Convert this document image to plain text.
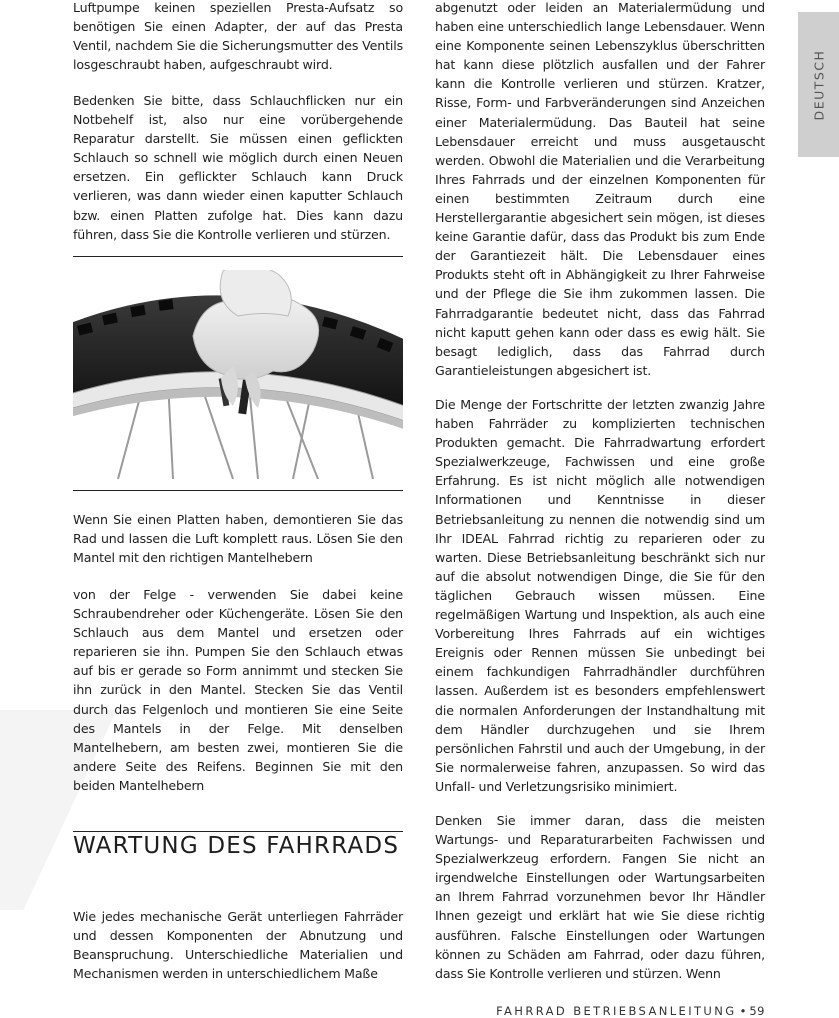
Luftpumpe keinen speziellen Presta-Aufsatz so benötigen Sie einen Adapter, der auf das Presta Ventil, nachdem Sie die Sicherungsmutter des Ventils losgeschraubt haben, aufgeschraubt wird.

Bedenken Sie bitte, dass Schlauchflicken nur ein Notbehelf ist, also nur eine vorübergehende Reparatur darstellt. Sie müssen einen geflickten Schlauch so schnell wie möglich durch einen Neuen ersetzen. Ein geflickter Schlauch kann Druck verlieren, was dann wieder einen kaputter Schlauch bzw. einen Platten zufolge hat. Dies kann dazu führen, dass Sie die Kontrolle verlieren und stürzen.

Wenn Sie einen Platten haben, demontieren Sie das Rad und lassen die Luft komplett raus. Lösen Sie den Mantel mit den richtigen Mantelhebern

von der Felge - verwenden Sie dabei keine Schraubendreher oder Küchengeräte. Lösen Sie den Schlauch aus dem Mantel und ersetzen oder reparieren sie ihn. Pumpen Sie den Schlauch etwas auf bis er gerade so Form annimmt und stecken Sie ihn zurück in den Mantel. Stecken Sie das Ventil durch das Felgenloch und montieren Sie eine Seite des Mantels in der Felge. Mit denselben Mantelhebern, am besten zwei, montieren Sie die andere Seite des Reifens. Beginnen Sie mit den beiden Mantelhebern

WARTUNG DES FAHRRADS

Wie jedes mechanische Gerät unterliegen Fahrräder und dessen Komponenten der Abnutzung und Beanspruchung. Unterschiedliche Materialien und Mechanismen werden in unterschiedlichem Maße

abgenutzt oder leiden an Materialermüdung und haben eine unterschiedlich lange Lebensdauer. Wenn eine Komponente seinen Lebenszyklus überschritten hat kann diese plötzlich ausfallen und der Fahrer kann die Kontrolle verlieren und stürzen. Kratzer, Risse, Form- und Farbveränderungen sind Anzeichen einer Materialermüdung. Das Bauteil hat seine Lebensdauer erreicht und muss ausgetauscht werden. Obwohl die Materialien und die Verarbeitung Ihres Fahrrads und der einzelnen Komponenten für einen bestimmten Zeitraum durch eine Herstellergarantie abgesichert sein mögen, ist dieses keine Garantie dafür, dass das Produkt bis zum Ende der Garantiezeit hält. Die Lebensdauer eines Produkts steht oft in Abhängigkeit zu Ihrer Fahrweise und der Pflege die Sie ihm zukommen lassen. Die Fahrradgarantie bedeutet nicht, dass das Fahrrad nicht kaputt gehen kann oder dass es ewig hält. Sie besagt lediglich, dass das Fahrrad durch Garantieleistungen abgesichert ist.

Die Menge der Fortschritte der letzten zwanzig Jahre haben Fahrräder zu komplizierten technischen Produkten gemacht. Die Fahrradwartung erfordert Spezialwerkzeuge, Fachwissen und eine große Erfahrung. Es ist nicht möglich alle notwendigen Informationen und Kenntnisse in dieser Betriebsanleitung zu nennen die notwendig sind um Ihr IDEAL Fahrrad richtig zu reparieren oder zu warten. Diese Betriebsanleitung beschränkt sich nur auf die absolut notwendigen Dinge, die Sie für den täglichen Gebrauch wissen müssen. Eine regelmäßigen Wartung und Inspektion, als auch eine Vorbereitung Ihres Fahrrads auf ein wichtiges Ereignis oder Rennen müssen Sie unbedingt bei einem fachkundigen Fahrradhändler durchführen lassen. Außerdem ist es besonders empfehlenswert die normalen Anforderungen der Instandhaltung mit dem Händler durchzugehen und sie Ihrem persönlichen Fahrstil und auch der Umgebung, in der Sie normalerweise fahren, anzupassen. So wird das Unfall- und Verletzungsrisiko minimiert.

Denken Sie immer daran, dass die meisten Wartungs- und Reparaturarbeiten Fachwissen und Spezialwerkzeug erfordern. Fangen Sie nicht an irgendwelche Einstellungen oder Wartungsarbeiten an Ihrem Fahrrad vorzunehmen bevor Ihr Händler Ihnen gezeigt und erklärt hat wie Sie diese richtig ausführen. Falsche Einstellungen oder Wartungen können zu Schäden am Fahrrad, oder dazu führen, dass Sie Kontrolle verlieren und stürzen. Wenn

DEUTSCH
FAHRRAD BETRIEBSANLEITUNG • 59
